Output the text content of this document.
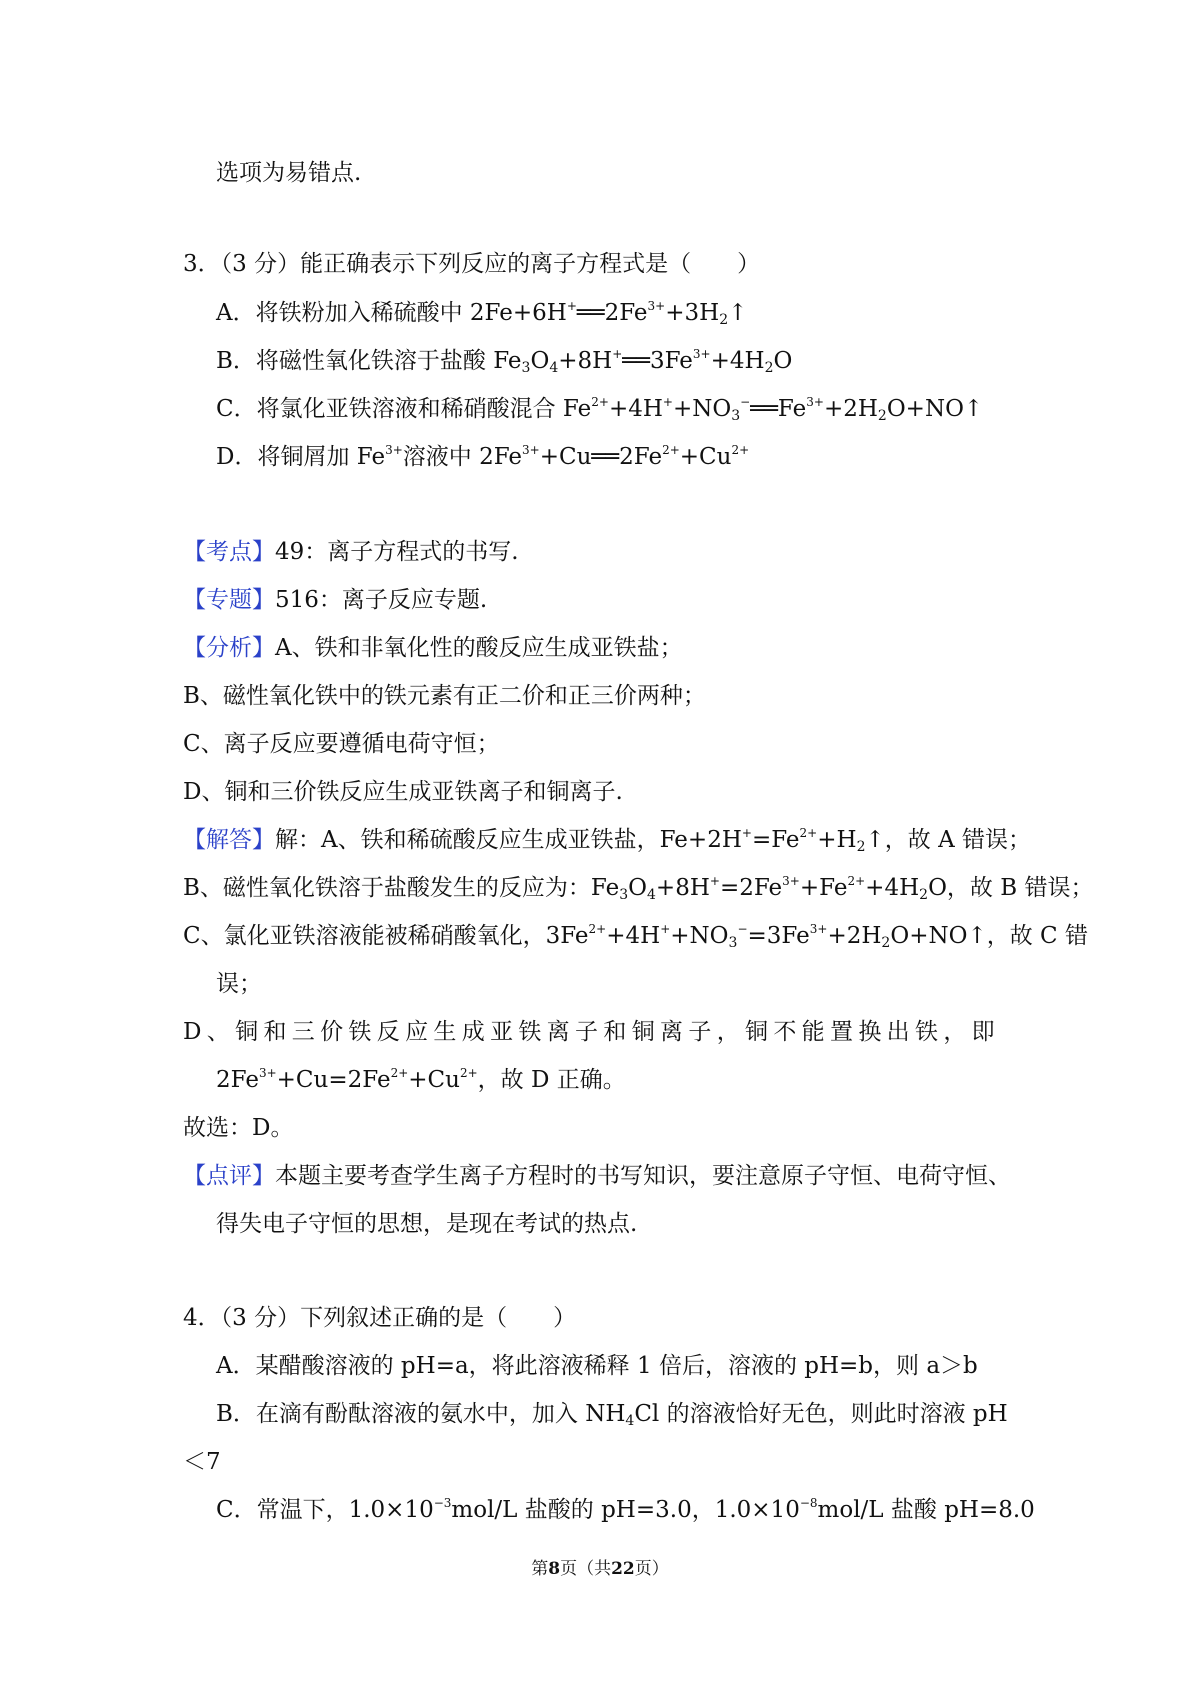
选项为易错点.
3．（3 分）能正确表示下列反应的离子方程式是（　　）
A．将铁粉加入稀硫酸中 $2Fe+6H^+══2Fe^{3+}+3H_2↑$
B．将磁性氧化铁溶于盐酸 $Fe_3O_4+8H^+══3Fe^{3+}+4H_2O$
C．将氯化亚铁溶液和稀硝酸混合 $Fe^{2+}+4H^++NO_3^-══Fe^{3+}+2H_2O+NO↑$
D．将铜屑加 $Fe^{3+}$溶液中 $2Fe^{3+}+Cu══2Fe^{2+}+Cu^{2+}$
【考点】49：离子方程式的书写.
【专题】516：离子反应专题.
【分析】A、铁和非氧化性的酸反应生成亚铁盐；
B、磁性氧化铁中的铁元素有正二价和正三价两种；
C、离子反应要遵循电荷守恒；
D、铜和三价铁反应生成亚铁离子和铜离子.
【解答】解：A、铁和稀硫酸反应生成亚铁盐，$Fe+2H^+=Fe^{2+}+H_2↑$，故 A 错误；
B、磁性氧化铁溶于盐酸发生的反应为：$Fe_3O_4+8H^+=2Fe^{3+}+Fe^{2+}+4H_2O$，故 B 错误；
C、氯化亚铁溶液能被稀硝酸氧化，$3Fe^{2+}+4H^++NO_3^-=3Fe^{3+}+2H_2O+NO↑$，故 C 错
误；
D 、 铜 和 三 价 铁 反 应 生 成 亚 铁 离 子 和 铜 离 子 ， 铜 不 能 置 换 出 铁 ， 即
$2Fe^{3+}+Cu=2Fe^{2+}+Cu^{2+}$，故 D 正确。
故选：D。
【点评】本题主要考查学生离子方程时的书写知识，要注意原子守恒、电荷守恒、
得失电子守恒的思想，是现在考试的热点.
4．（3 分）下列叙述正确的是（　　）
A．某醋酸溶液的 pH=a，将此溶液稀释 1 倍后，溶液的 pH=b，则 a＞b
B．在滴有酚酞溶液的氨水中，加入 $NH_4Cl$ 的溶液恰好无色，则此时溶液 pH
＜7
C．常温下，$1.0\times 10^{-3}mol/L$ 盐酸的 pH=3.0，$1.0\times 10^{-8}mol/L$ 盐酸 pH=8.0
第8页（共22页）
